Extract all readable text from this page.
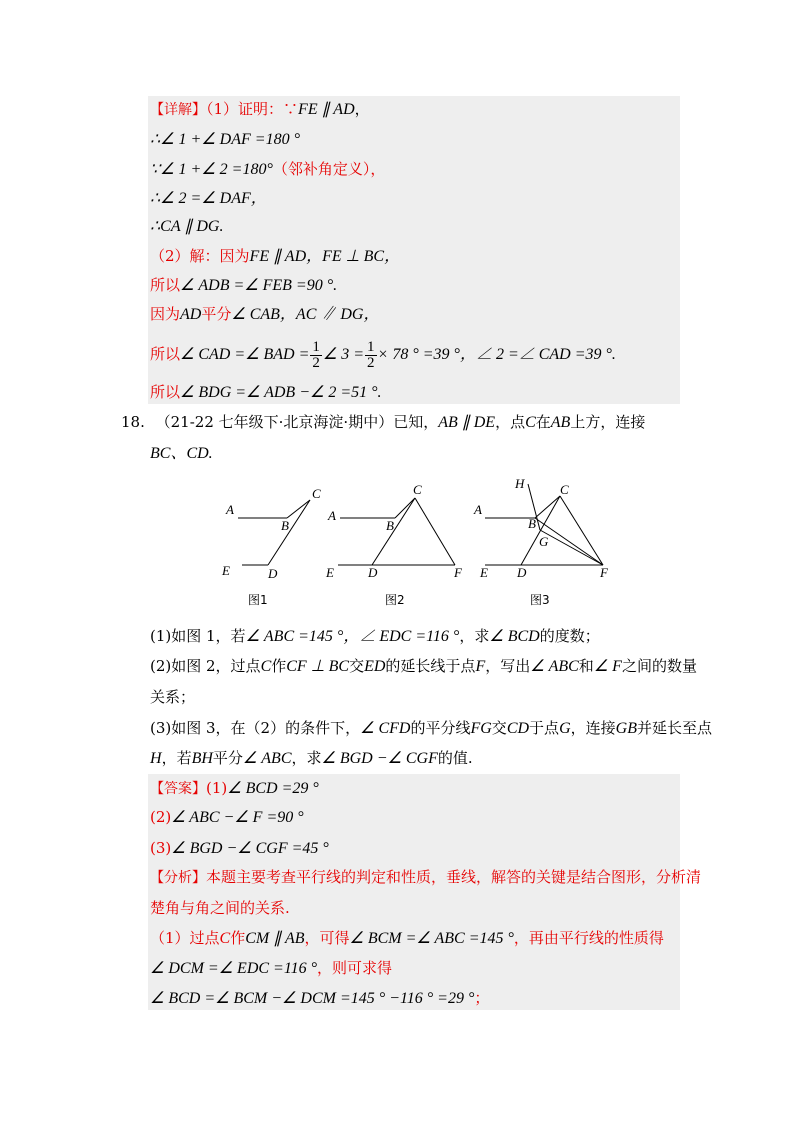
【详解】（1）证明：∵FE ∥ AD，
∴∠ 1 +∠ DAF =180 °
∵∠ 1 +∠ 2 =180°（邻补角定义），
∴∠ 2 =∠ DAF，
∴CA ∥ DG.
（2）解：因为FE ∥ AD，FE ⊥ BC，
所以∠ ADB =∠ FEB =90 °.
因为AD平分∠ CAB，AC ∥ DG，
所以∠ CAD =∠ BAD = $\frac{1}{2}$ ∠ $3 = \frac{1}{2} \times 78$ ° =39 °，∠ 2 =∠ CAD =39 °.
所以∠ BDG =∠ ADB −∠ 2 =51 °.
18. （21-22 七年级下·北京海淀·期中）已知，AB ∥ DE，点C在AB上方，连接
BC、CD.
A
C
B
E	D
A
C
B
E	D	F
H
A
C
B
G
E D	F
图1	图2	图3
(1)如图 1，若∠ ABC =145 °，∠ EDC =116 °，求∠ BCD的度数；
(2)如图 2，过点C作CF ⊥ BC交ED的延长线于点F，写出∠ ABC和∠ F之间的数量
关系；
(3)如图 3，在（2）的条件下，∠ CFD的平分线FG交CD于点G，连接GB并延长至点
H，若BH平分∠ ABC，求∠ BGD −∠ CGF的值.
【答案】(1)∠ BCD =29 °
(2)∠ ABC −∠ F =90 °
(3)∠ BGD −∠ CGF =45 °
【分析】本题主要考查平行线的判定和性质，垂线，解答的关键是结合图形，分析清
楚角与角之间的关系.
（1）过点C作CM ∥ AB，可得∠ BCM =∠ ABC =145 °，再由平行线的性质得
∠ DCM =∠ EDC =116 °，则可求得
∠ BCD =∠ BCM −∠ DCM =145 ° −116 ° =29 °；
